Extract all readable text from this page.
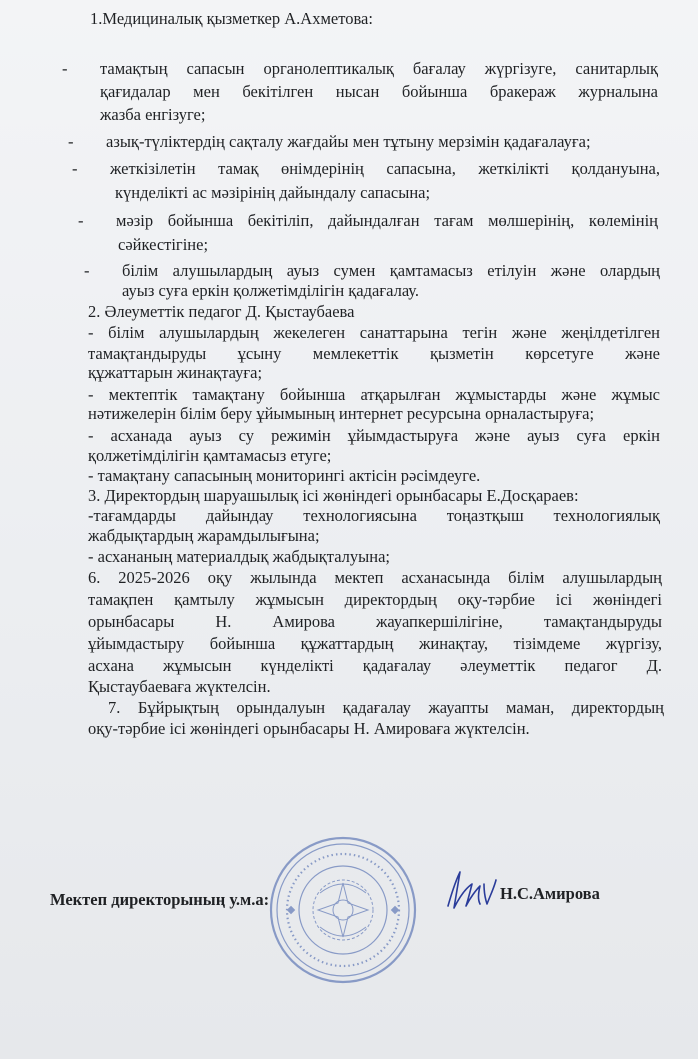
1.Медициналық қызметкер А.Ахметова:
- тамақтың сапасын органолептикалық бағалау жүргізуге, санитарлық
қағидалар мен бекітілген нысан бойынша бракераж журналына
жазба енгізуге;
- азық-түліктердің сақталу жағдайы мен тұтыну мерзімін қадағалауға;
- жеткізілетін тамақ өнімдерінің сапасына, жеткілікті қолдануына,
күнделікті ас мәзірінің дайындалу сапасына;
- мәзір бойынша бекітіліп, дайындалған тағам мөлшерінің, көлемінің
сәйкестігіне;
- білім алушылардың ауыз сумен қамтамасыз етілуін және олардың
ауыз суға еркін қолжетімділігін қадағалау.
2. Әлеуметтік педагог Д. Қыстаубаева
- білім алушылардың жекелеген санаттарына тегін және жеңілдетілген
тамақтандыруды ұсыну мемлекеттік қызметін көрсетуге және
құжаттарын жинақтауға;
- мектептік тамақтану бойынша атқарылған жұмыстарды және жұмыс
нәтижелерін білім беру ұйымының интернет ресурсына орналастыруға;
- асханада ауыз су режимін ұйымдастыруға және ауыз суға еркін
қолжетімділігін қамтамасыз етуге;
- тамақтану сапасының мониторингі актісін рәсімдеуге.
3. Директордың шаруашылық ісі жөніндегі орынбасары Е.Досқараев:
-тағамдарды дайындау технологиясына тоңазтқыш технологиялық
жабдықтардың жарамдылығына;
- асхананың материалдық жабдықталуына;
6. 2025-2026 оқу жылында мектеп асханасында білім алушылардың
тамақпен қамтылу жұмысын директордың оқу-тәрбие ісі жөніндегі
орынбасары Н. Амирова жауапкершілігіне, тамақтандыруды
ұйымдастыру бойынша құжаттардың жинақтау, тізімдеме жүргізу,
асхана жұмысын күнделікті қадағалау әлеуметтік педагог Д.
Қыстаубаеваға жүктелсін.
7. Бұйрықтың орындалуын қадағалау жауапты маман, директордың
оқу-тәрбие ісі жөніндегі орынбасары Н. Амироваға жүктелсін.
Мектеп директорының у.м.а:	Н.С.Амирова
